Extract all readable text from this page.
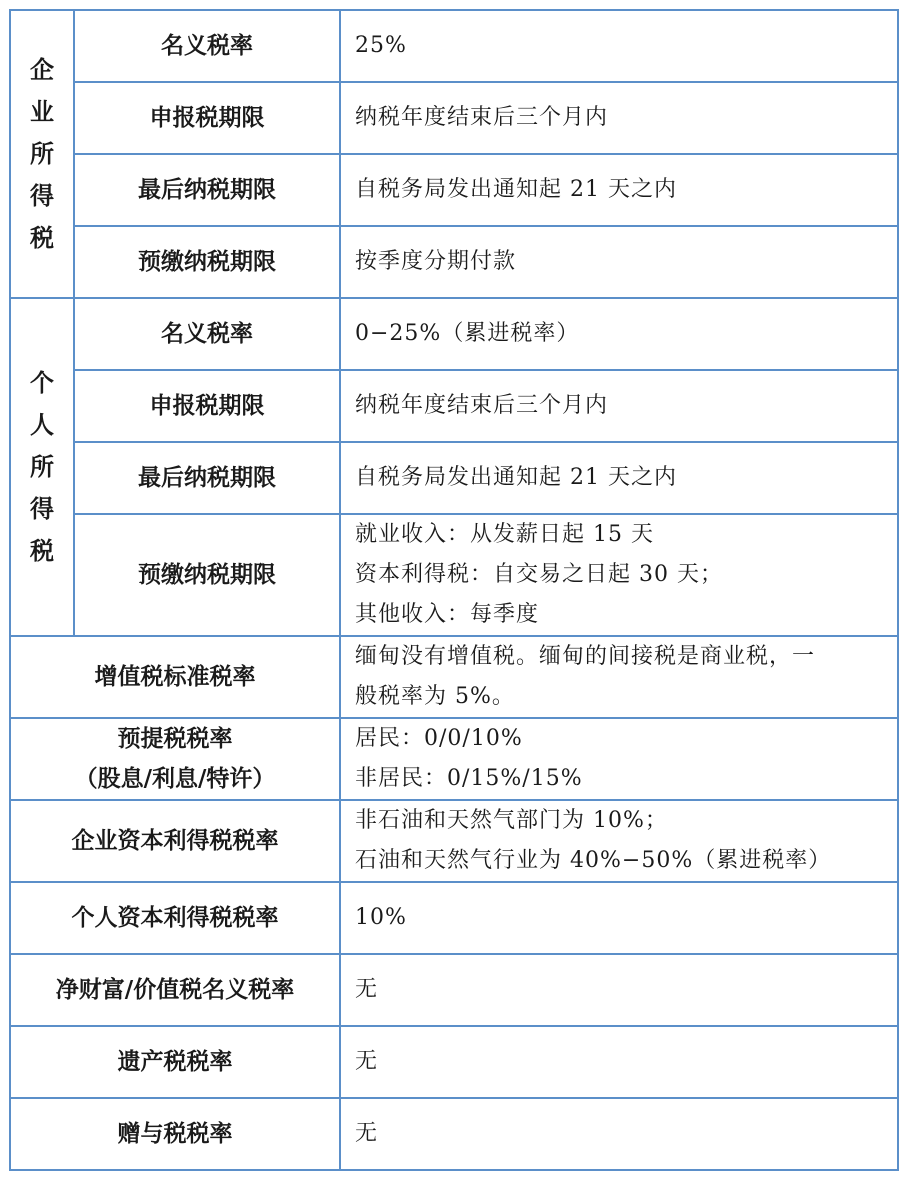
企业所得税	名义税率	25%
	申报税期限	纳税年度结束后三个月内
	最后纳税期限	自税务局发出通知起 21 天之内
	预缴纳税期限	按季度分期付款
个人所得税	名义税率	0−25%（累进税率）
	申报税期限	纳税年度结束后三个月内
	最后纳税期限	自税务局发出通知起 21 天之内
	预缴纳税期限	就业收入：从发薪日起 15 天
资本利得税：自交易之日起 30 天；
其他收入：每季度

增值税标准税率		缅甸没有增值税。缅甸的间接税是商业税，一
般税率为 5%。

预提税税率
（股息/利息/特许）		居民：0/0/10%
非居民：0/15%/15%

企业资本利得税税率		非石油和天然气部门为 10%；
石油和天然气行业为 40%−50%（累进税率）

个人资本利得税税率		10%
净财富/价值税名义税率		无
遗产税税率		无
赠与税税率		无
